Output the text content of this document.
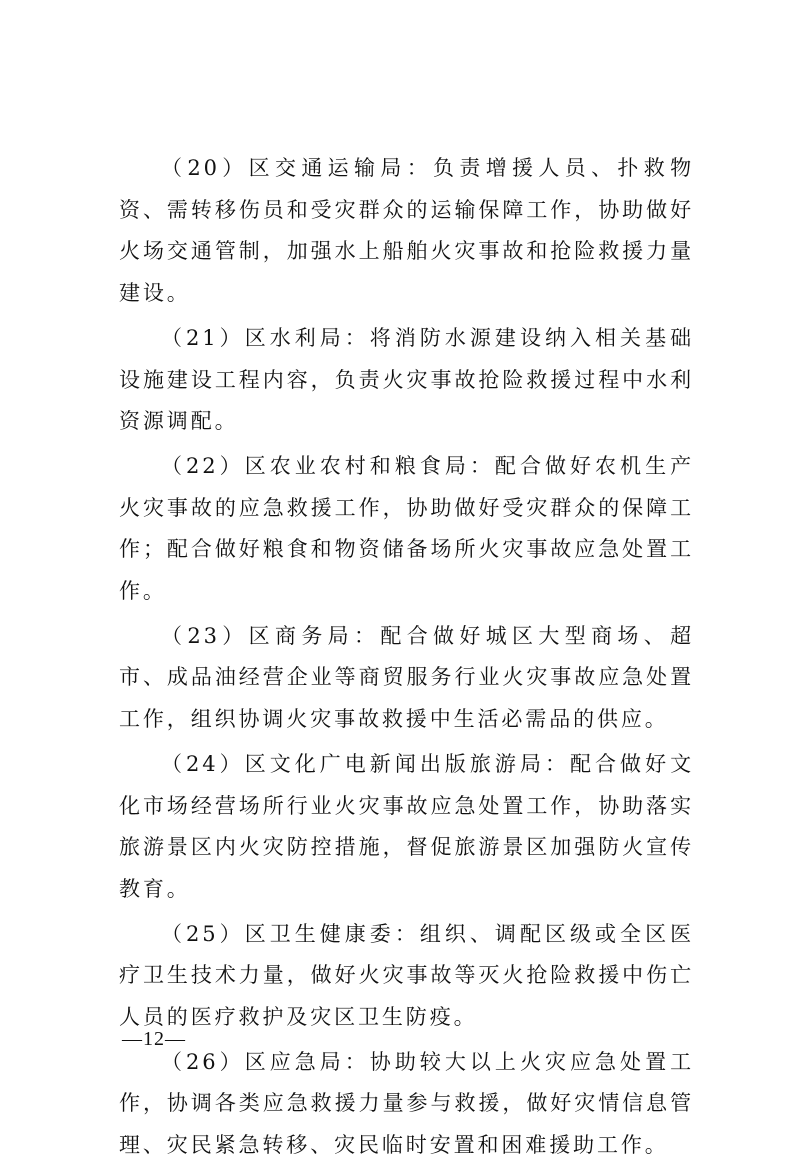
（20）区交通运输局：负责增援人员、扑救物资、需转移伤员和受灾群众的运输保障工作，协助做好火场交通管制，加强水上船舶火灾事故和抢险救援力量建设。

（21）区水利局：将消防水源建设纳入相关基础设施建设工程内容，负责火灾事故抢险救援过程中水利资源调配。

（22）区农业农村和粮食局：配合做好农机生产火灾事故的应急救援工作，协助做好受灾群众的保障工作；配合做好粮食和物资储备场所火灾事故应急处置工作。

（23）区商务局：配合做好城区大型商场、超市、成品油经营企业等商贸服务行业火灾事故应急处置工作，组织协调火灾事故救援中生活必需品的供应。

（24）区文化广电新闻出版旅游局：配合做好文化市场经营场所行业火灾事故应急处置工作，协助落实旅游景区内火灾防控措施，督促旅游景区加强防火宣传教育。

（25）区卫生健康委：组织、调配区级或全区医疗卫生技术力量，做好火灾事故等灭火抢险救援中伤亡人员的医疗救护及灾区卫生防疫。

（26）区应急局：协助较大以上火灾应急处置工作，协调各类应急救援力量参与救援，做好灾情信息管理、灾民紧急转移、灾民临时安置和困难援助工作。

—12—
